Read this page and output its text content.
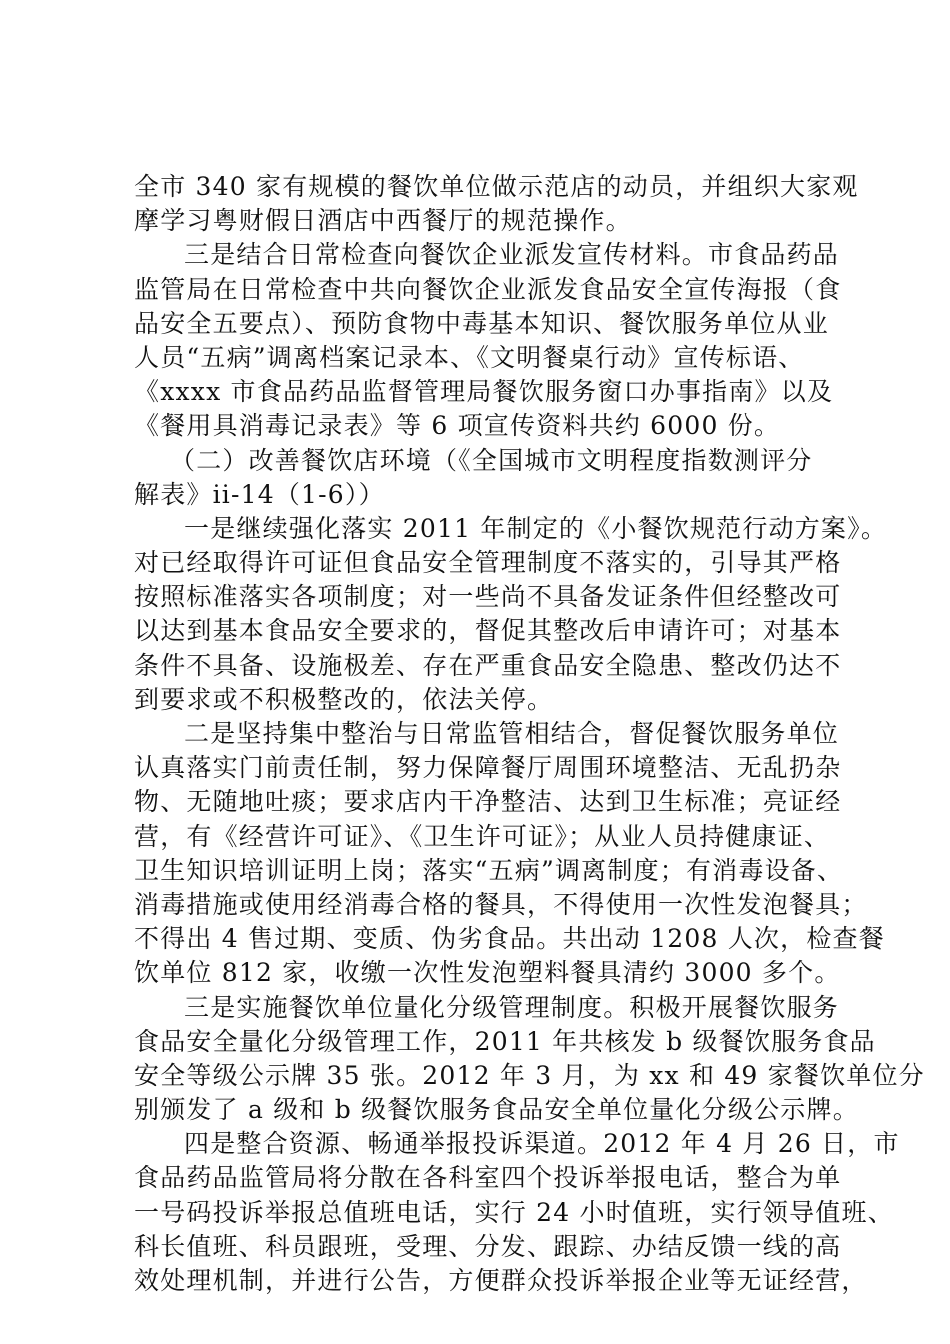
全市 340 家有规模的餐饮单位做示范店的动员，并组织大家观
摩学习粤财假日酒店中西餐厅的规范操作。
三是结合日常检查向餐饮企业派发宣传材料。市食品药品
监管局在日常检查中共向餐饮企业派发食品安全宣传海报（食
品安全五要点）、预防食物中毒基本知识、餐饮服务单位从业
人员“五病”调离档案记录本、《文明餐桌行动》宣传标语、
《xxxx 市食品药品监督管理局餐饮服务窗口办事指南》以及
《餐用具消毒记录表》等 6 项宣传资料共约 6000 份。
（二）改善餐饮店环境（《全国城市文明程度指数测评分
解表》ii-14（1-6））
一是继续强化落实 2011 年制定的《小餐饮规范行动方案》。
对已经取得许可证但食品安全管理制度不落实的，引导其严格
按照标准落实各项制度；对一些尚不具备发证条件但经整改可
以达到基本食品安全要求的，督促其整改后申请许可；对基本
条件不具备、设施极差、存在严重食品安全隐患、整改仍达不
到要求或不积极整改的，依法关停。
二是坚持集中整治与日常监管相结合，督促餐饮服务单位
认真落实门前责任制，努力保障餐厅周围环境整洁、无乱扔杂
物、无随地吐痰；要求店内干净整洁、达到卫生标准；亮证经
营，有《经营许可证》、《卫生许可证》；从业人员持健康证、
卫生知识培训证明上岗；落实“五病”调离制度；有消毒设备、
消毒措施或使用经消毒合格的餐具，不得使用一次性发泡餐具；
不得出 4 售过期、变质、伪劣食品。共出动 1208 人次，检查餐
饮单位 812 家，收缴一次性发泡塑料餐具清约 3000 多个。
三是实施餐饮单位量化分级管理制度。积极开展餐饮服务
食品安全量化分级管理工作，2011 年共核发 b 级餐饮服务食品
安全等级公示牌 35 张。2012 年 3 月，为 xx 和 49 家餐饮单位分
别颁发了 a 级和 b 级餐饮服务食品安全单位量化分级公示牌。
四是整合资源、畅通举报投诉渠道。2012 年 4 月 26 日，市
食品药品监管局将分散在各科室四个投诉举报电话，整合为单
一号码投诉举报总值班电话，实行 24 小时值班，实行领导值班、
科长值班、科员跟班，受理、分发、跟踪、办结反馈一线的高
效处理机制，并进行公告，方便群众投诉举报企业等无证经营，
